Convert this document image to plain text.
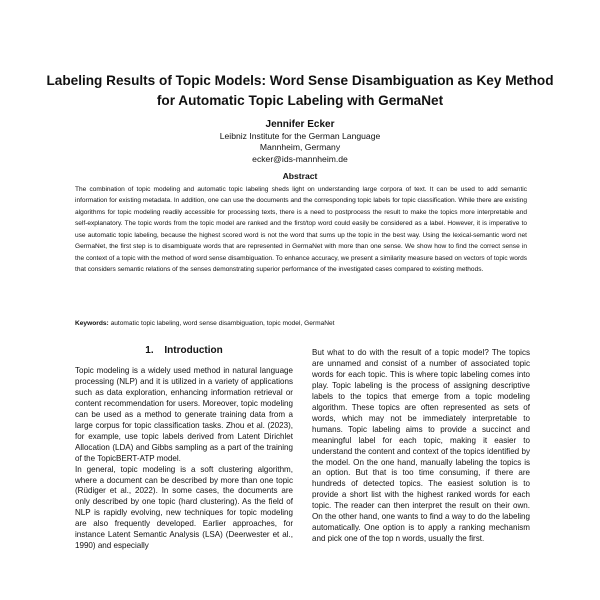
Labeling Results of Topic Models: Word Sense Disambiguation as Key Method for Automatic Topic Labeling with GermaNet
Jennifer Ecker
Leibniz Institute for the German Language
Mannheim, Germany
ecker@ids-mannheim.de
Abstract

The combination of topic modeling and automatic topic labeling sheds light on understanding large corpora of text. It can be used to add semantic information for existing metadata. In addition, one can use the documents and the corresponding topic labels for topic classification. While there are existing algorithms for topic modeling readily accessible for processing texts, there is a need to postprocess the result to make the topics more interpretable and self-explanatory. The topic words from the topic model are ranked and the first/top word could easily be considered as a label. However, it is imperative to use automatic topic labeling, because the highest scored word is not the word that sums up the topic in the best way. Using the lexical-semantic word net GermaNet, the first step is to disambiguate words that are represented in GermaNet with more than one sense. We show how to find the correct sense in the context of a topic with the method of word sense disambiguation. To enhance accuracy, we present a similarity measure based on vectors of topic words that considers semantic relations of the senses demonstrating superior performance of the investigated cases compared to existing methods.

Keywords: automatic topic labeling, word sense disambiguation, topic model, GermaNet

1. Introduction

Topic modeling is a widely used method in natural language processing (NLP) and it is utilized in a variety of applications such as data exploration, enhancing information retrieval or content recommendation for users. Moreover, topic modeling can be used as a method to generate training data from a large corpus for topic classification tasks. Zhou et al. (2023), for example, use topic labels derived from Latent Dirichlet Allocation (LDA) and Gibbs sampling as a part of the training of the TopicBERT-ATP model.

In general, topic modeling is a soft clustering algorithm, where a document can be described by more than one topic (Rüdiger et al., 2022). In some cases, the documents are only described by one topic (hard clustering). As the field of NLP is rapidly evolving, new techniques for topic modeling are also frequently developed. Earlier approaches, for instance Latent Semantic Analysis (LSA) (Deerwester et al., 1990) and especially

But what to do with the result of a topic model? The topics are unnamed and consist of a number of associated topic words for each topic. This is where topic labeling comes into play. Topic labeling is the process of assigning descriptive labels to the topics that emerge from a topic modeling algorithm. These topics are often represented as sets of words, which may not be immediately interpretable to humans. Topic labeling aims to provide a succinct and meaningful label for each topic, making it easier to understand the content and context of the topics identified by the model. On the one hand, manually labeling the topics is an option. But that is too time consuming, if there are hundreds of detected topics. The easiest solution is to provide a short list with the highest ranked words for each topic. The reader can then interpret the result on their own. On the other hand, one wants to find a way to do the labeling automatically. One option is to apply a ranking mechanism and pick one of the top n words, usually the first.
